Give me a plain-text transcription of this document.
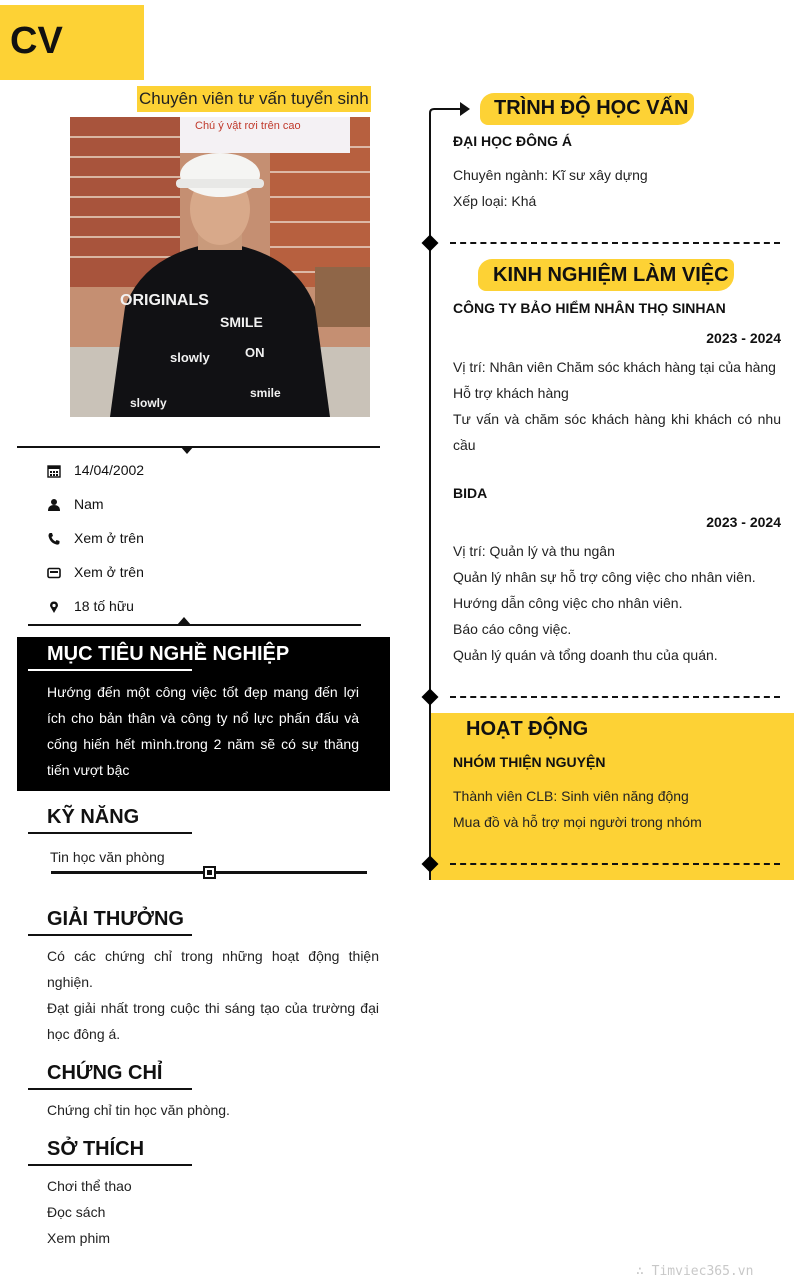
CV
Chuyên viên tư vấn tuyển sinh
Chú ý vật rơi trên cao
ORIGINALS
SMILE
slowly	ON
slowly
smile
14/04/2002
Nam
Xem ở trên
Xem ở trên
18 tố hữu
MỤC TIÊU NGHỀ NGHIỆP
Hướng đến một công việc tốt đẹp mang đến lợi ích cho bản thân và công ty nổ lực phấn đấu và cống hiến hết mình.trong 2 năm sẽ có sự thăng tiến vượt bậc
KỸ NĂNG
Tin học văn phòng
GIẢI THƯỞNG
Có các chứng chỉ trong những hoạt động thiện nghiện.
Đạt giải nhất trong cuộc thi sáng tạo của trường đại học đông á.
CHỨNG CHỈ
Chứng chỉ tin học văn phòng.
SỞ THÍCH
Chơi thể thao
Đọc sách
Xem phim
TRÌNH ĐỘ HỌC VẤN
ĐẠI HỌC ĐÔNG Á
Chuyên ngành: Kĩ sư xây dựng
Xếp loại: Khá
KINH NGHIỆM LÀM VIỆC
CÔNG TY BẢO HIỂM NHÂN THỌ SINHAN
2023 - 2024
Vị trí: Nhân viên Chăm sóc khách hàng tại của hàng
Hỗ trợ khách hàng
Tư vấn và chăm sóc khách hàng khi khách có nhu cầu
BIDA
2023 - 2024
Vị trí: Quản lý và thu ngân
Quản lý nhân sự hỗ trợ công việc cho nhân viên.
Hướng dẫn công việc cho nhân viên.
Báo cáo công việc.
Quản lý quán và tổng doanh thu của quán.
HOẠT ĐỘNG
NHÓM THIỆN NGUYỆN
Thành viên CLB: Sinh viên năng động
Mua đồ và hỗ trợ mọi người trong nhóm
∴ Timviec365.vn
